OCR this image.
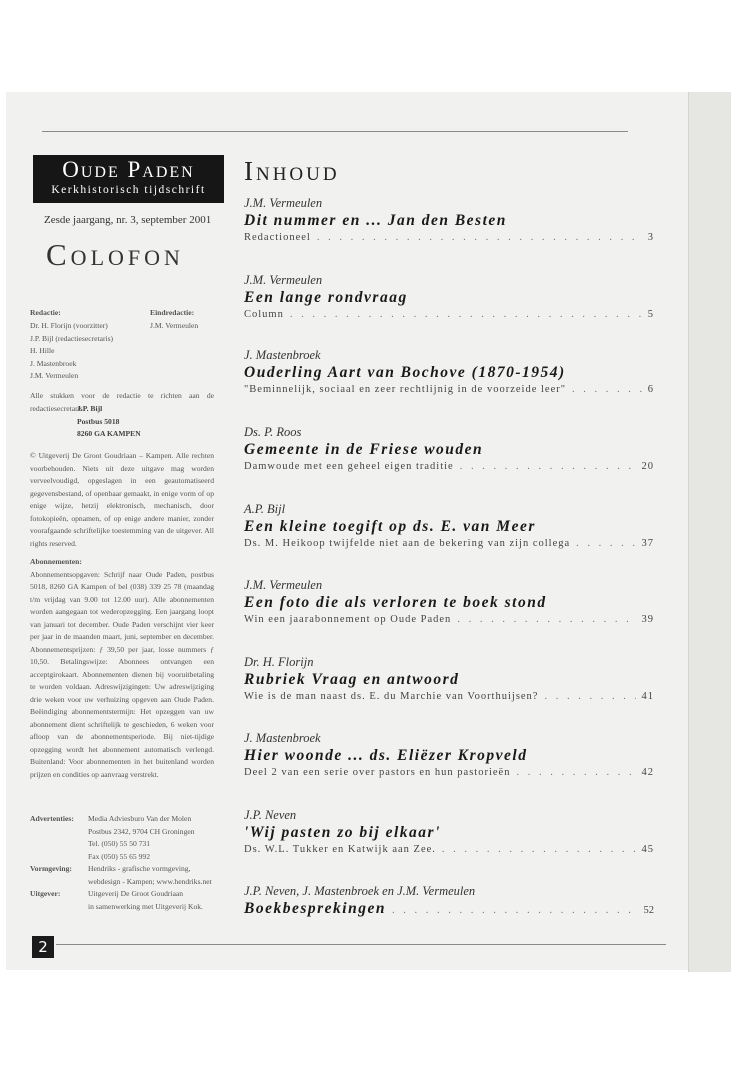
Oude Paden
Kerkhistorisch tijdschrift
Zesde jaargang, nr. 3, september 2001
Colofon
Redactie:
Dr. H. Florijn (voorzitter)
J.P. Bijl (redactiesecretaris)
H. Hille
J. Mastenbroek
J.M. Vermeulen
Eindredactie:
J.M. Vermeulen
Alle stukken voor de redactie te richten aan de redactiesecretaris:
J.P. Bijl
Postbus 5018
8260 GA KAMPEN
© Uitgeverij De Groot Goudriaan – Kampen. Alle rechten voorbehouden. Niets uit deze uitgave mag worden verveelvoudigd, opgeslagen in een geautomatiseerd gegevensbestand, of openbaar gemaakt, in enige vorm of op enige wijze, hetzij elektronisch, mechanisch, door fotokopieën, opnamen, of op enige andere manier, zonder voorafgaande schriftelijke toestemming van de uitgever. All rights reserved.
Abonnementen:
Abonnementsopgaven: Schrijf naar Oude Paden, postbus 5018, 8260 GA Kampen of bel (038) 339 25 78 (maandag t/m vrijdag van 9.00 tot 12.00 uur). Alle abonnementen worden aangegaan tot wederopzegging. Een jaargang loopt van januari tot december. Oude Paden verschijnt vier keer per jaar in de maanden maart, juni, september en december. Abonnementsprijzen: ƒ 39,50 per jaar, losse nummers ƒ 10,50. Betalingswijze: Abonnees ontvangen een acceptgirokaart. Abonnementen dienen bij vooruitbetaling te worden voldaan. Adreswijzigingen: Uw adreswijziging drie weken voor uw verhuizing opgeven aan Oude Paden. Beëindiging abonnementstermijn: Het opzeggen van uw abonnement dient schriftelijk te geschieden, 6 weken voor afloop van de abonnementsperiode. Bij niet-tijdige opzegging wordt het abonnement automatisch verlengd. Buitenland: Voor abonnementen in het buitenland worden prijzen en condities op aanvraag verstrekt.
Advertenties:	Media Adviesburo Van der Molen
Postbus 2342, 9704 CH Groningen
Tel. (050) 55 50 731
Fax (050) 55 65 992
Vormgeving:	Hendriks - grafische vormgeving,
webdesign - Kampen; www.hendriks.net
Uitgever:	Uitgeverij De Groot Goudriaan
in samenwerking met Uitgeverij Kok.
Inhoud
J.M. Vermeulen
Dit nummer en ... Jan den Besten
Redactioneel . . .	3
J.M. Vermeulen
Een lange rondvraag
Column . . .	5
J. Mastenbroek
Ouderling Aart van Bochove (1870-1954)
"Beminnelijk, sociaal en zeer rechtlijnig in de voorzeide leer" . . .	6
Ds. P. Roos
Gemeente in de Friese wouden
Damwoude met een geheel eigen traditie . . .	20
A.P. Bijl
Een kleine toegift op ds. E. van Meer
Ds. M. Heikoop twijfelde niet aan de bekering van zijn collega . . .	37
J.M. Vermeulen
Een foto die als verloren te boek stond
Win een jaarabonnement op Oude Paden . . .	39
Dr. H. Florijn
Rubriek Vraag en antwoord
Wie is de man naast ds. E. du Marchie van Voorthuijsen? . . .	41
J. Mastenbroek
Hier woonde ... ds. Eliëzer Kropveld
Deel 2 van een serie over pastors en hun pastorieën . . .	42
J.P. Neven
'Wij pasten zo bij elkaar'
Ds. W.L. Tukker en Katwijk aan Zee. . . .	45
J.P. Neven, J. Mastenbroek en J.M. Vermeulen
Boekbesprekingen . . .	52
2
